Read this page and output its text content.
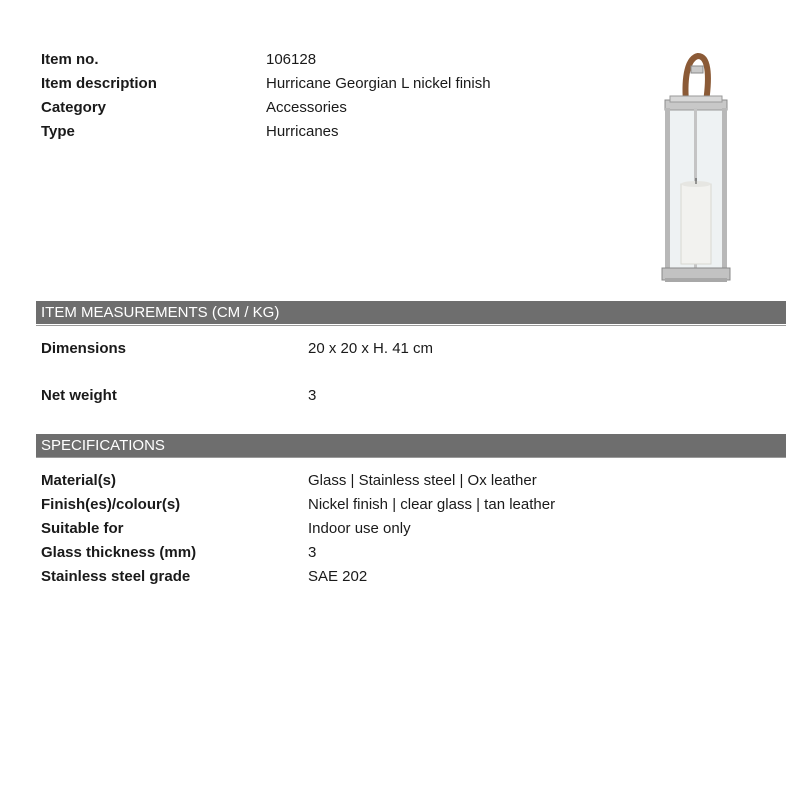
Item no.	106128
Item description	Hurricane Georgian L nickel finish
Category	Accessories
Type	Hurricanes
ITEM MEASUREMENTS (CM / KG)
Dimensions	20 x 20 x H. 41 cm
Net weight	3
SPECIFICATIONS
Material(s)	Glass | Stainless steel | Ox leather
Finish(es)/colour(s)	Nickel finish | clear glass | tan leather
Suitable for	Indoor use only
Glass thickness (mm)	3
Stainless steel grade	SAE 202
